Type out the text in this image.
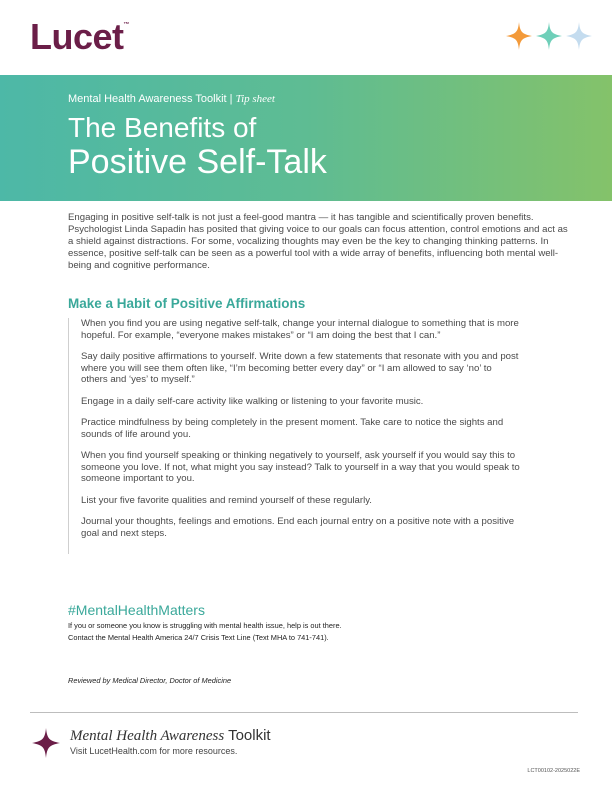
Lucet™
Mental Health Awareness Toolkit | Tip sheet
The Benefits of
Positive Self-Talk
Engaging in positive self-talk is not just a feel-good mantra — it has tangible and scientifically proven benefits. Psychologist Linda Sapadin has posited that giving voice to our goals can focus attention, control emotions and act as a shield against distractions. For some, vocalizing thoughts may even be the key to changing thinking patterns. In essence, positive self-talk can be seen as a powerful tool with a wide array of benefits, influencing both mental well-being and cognitive performance.
Make a Habit of Positive Affirmations

When you find you are using negative self-talk, change your internal dialogue to something that is more hopeful. For example, “everyone makes mistakes” or “I am doing the best that I can.”

Say daily positive affirmations to yourself. Write down a few statements that resonate with you and post where you will see them often like, “I’m becoming better every day” or “I am allowed to say ‘no’ to others and ‘yes’ to myself.”

Engage in a daily self-care activity like walking or listening to your favorite music.

Practice mindfulness by being completely in the present moment. Take care to notice the sights and sounds of life around you.

When you find yourself speaking or thinking negatively to yourself, ask yourself if you would say this to someone you love. If not, what might you say instead? Talk to yourself in a way that you would speak to someone important to you.

List your five favorite qualities and remind yourself of these regularly.

Journal your thoughts, feelings and emotions. End each journal entry on a positive note with a positive goal and next steps.

#MentalHealthMatters
If you or someone you know is struggling with mental health issue, help is out there.
Contact the Mental Health America 24/7 Crisis Text Line (Text MHA to 741-741).
Reviewed by Medical Director, Doctor of Medicine
Mental Health Awareness Toolkit
Visit LucetHealth.com for more resources.
LCT00102-2025022E
